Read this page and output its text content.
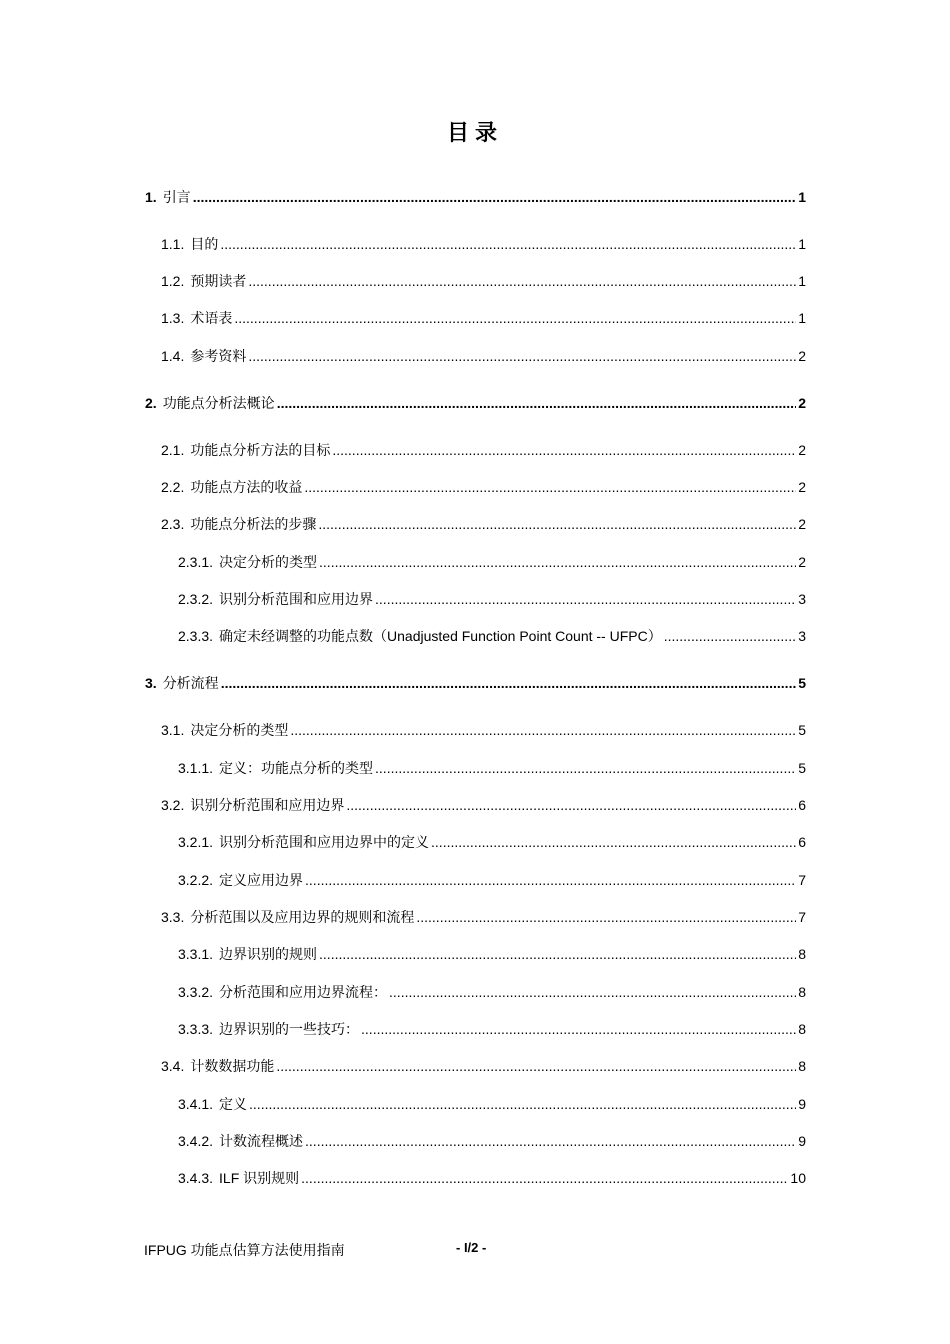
目录
1. 引言 .....	1
1.1. 目的 .....	1
1.2. 预期读者 .....	1
1.3. 术语表 .....	1
1.4. 参考资料 .....	2
2. 功能点分析法概论 .....	2
2.1. 功能点分析方法的目标 .....	2
2.2. 功能点方法的收益 .....	2
2.3. 功能点分析法的步骤 .....	2
2.3.1. 决定分析的类型 .....	2
2.3.2. 识别分析范围和应用边界 .....	3
2.3.3. 确定未经调整的功能点数（Unadjusted Function Point Count -- UFPC） .....	3
3. 分析流程 .....	5
3.1. 决定分析的类型 .....	5
3.1.1. 定义：功能点分析的类型 .....	5
3.2. 识别分析范围和应用边界 .....	6
3.2.1. 识别分析范围和应用边界中的定义 .....	6
3.2.2. 定义应用边界 .....	7
3.3. 分析范围以及应用边界的规则和流程 .....	7
3.3.1. 边界识别的规则 .....	8
3.3.2. 分析范围和应用边界流程： .....	8
3.3.3. 边界识别的一些技巧： .....	8
3.4. 计数数据功能 .....	8
3.4.1. 定义 .....	9
3.4.2. 计数流程概述 .....	9
3.4.3. ILF 识别规则 .....	10
IFPUG 功能点估算方法使用指南	- I/2 -
